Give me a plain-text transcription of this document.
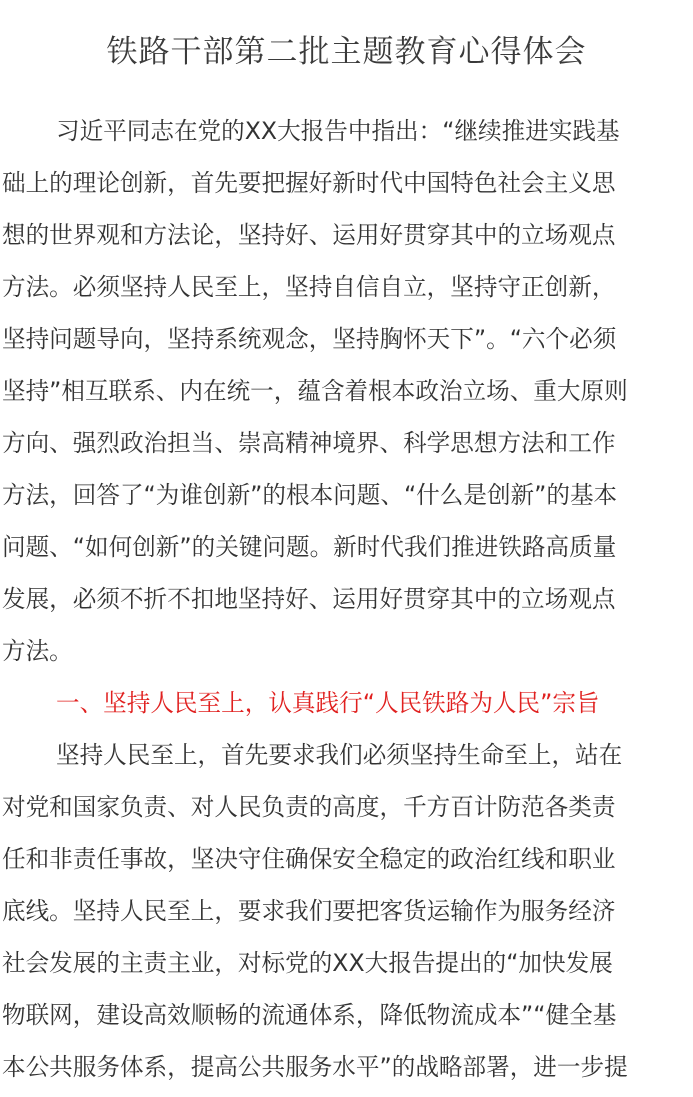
铁路干部第二批主题教育心得体会
习近平同志在党的XX大报告中指出：“继续推进实践基
础上的理论创新，首先要把握好新时代中国特色社会主义思
想的世界观和方法论，坚持好、运用好贯穿其中的立场观点
方法。必须坚持人民至上，坚持自信自立，坚持守正创新，
坚持问题导向，坚持系统观念，坚持胸怀天下”。“六个必须
坚持”相互联系、内在统一，蕴含着根本政治立场、重大原则
方向、强烈政治担当、崇高精神境界、科学思想方法和工作
方法，回答了“为谁创新”的根本问题、“什么是创新”的基本
问题、“如何创新”的关键问题。新时代我们推进铁路高质量
发展，必须不折不扣地坚持好、运用好贯穿其中的立场观点
方法。
一、坚持人民至上，认真践行“人民铁路为人民”宗旨
坚持人民至上，首先要求我们必须坚持生命至上，站在
对党和国家负责、对人民负责的高度，千方百计防范各类责
任和非责任事故，坚决守住确保安全稳定的政治红线和职业
底线。坚持人民至上，要求我们要把客货运输作为服务经济
社会发展的主责主业，对标党的XX大报告提出的“加快发展
物联网，建设高效顺畅的流通体系，降低物流成本”“健全基
本公共服务体系，提高公共服务水平”的战略部署，进一步提
